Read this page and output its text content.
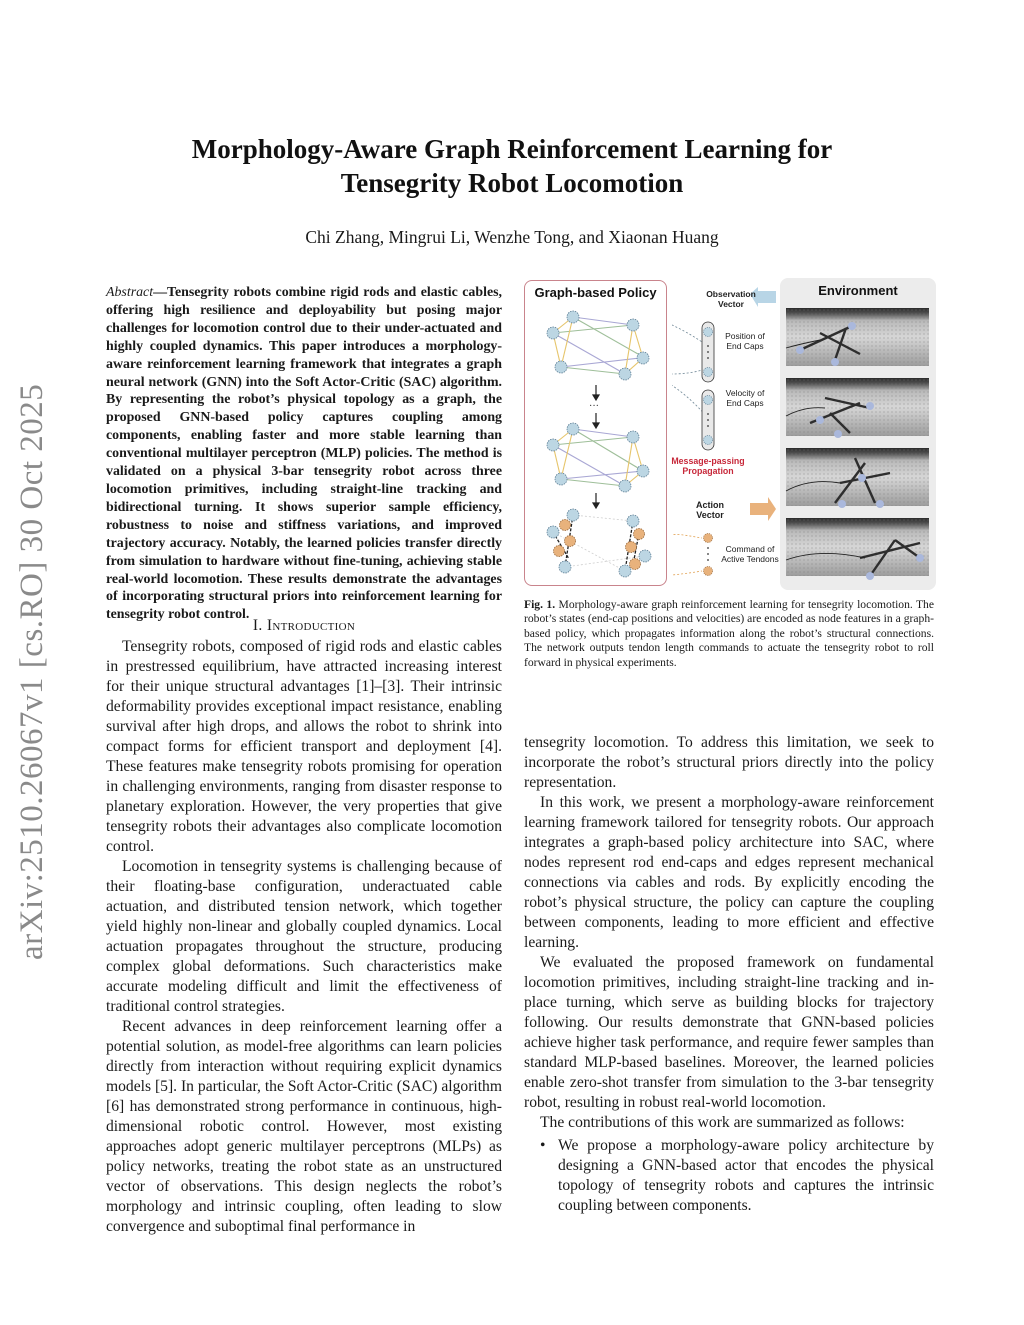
arXiv:2510.26067v1 [cs.RO] 30 Oct 2025
Morphology-Aware Graph Reinforcement Learning for
Tensegrity Robot Locomotion
Chi Zhang, Mingrui Li, Wenzhe Tong, and Xiaonan Huang
Abstract—Tensegrity robots combine rigid rods and elastic cables, offering high resilience and deployability but posing major challenges for locomotion control due to their under-actuated and highly coupled dynamics. This paper introduces a morphology-aware reinforcement learning framework that integrates a graph neural network (GNN) into the Soft Actor-Critic (SAC) algorithm. By representing the robot’s physical topology as a graph, the proposed GNN-based policy captures coupling among components, enabling faster and more stable learning than conventional multilayer perceptron (MLP) policies. The method is validated on a physical 3-bar tensegrity robot across three locomotion primitives, including straight-line tracking and bidirectional turning. It shows superior sample efficiency, robustness to noise and stiffness variations, and improved trajectory accuracy. Notably, the learned policies transfer directly from simulation to hardware without fine-tuning, achieving stable real-world locomotion. These results demonstrate the advantages of incorporating structural priors into reinforcement learning for tensegrity robot control.
I. Introduction

Tensegrity robots, composed of rigid rods and elastic cables in prestressed equilibrium, have attracted increasing interest for their unique structural advantages [1]–[3]. Their intrinsic deformability provides exceptional impact resistance, enabling survival after high drops, and allows the robot to shrink into compact forms for efficient transport and deployment [4]. These features make tensegrity robots promising for operation in challenging environments, ranging from disaster response to planetary exploration. However, the very properties that give tensegrity robots their advantages also complicate locomotion control.

Locomotion in tensegrity systems is challenging because of their floating-base configuration, underactuated cable actuation, and distributed tension network, which together yield highly non-linear and globally coupled dynamics. Local actuation propagates throughout the structure, producing complex global deformations. Such characteristics make accurate modeling difficult and limit the effectiveness of traditional control strategies.

Recent advances in deep reinforcement learning offer a potential solution, as model-free algorithms can learn policies directly from interaction without requiring explicit dynamics models [5]. In particular, the Soft Actor-Critic (SAC) algorithm [6] has demonstrated strong performance in continuous, high-dimensional robotic control. However, most existing approaches adopt generic multilayer perceptrons (MLPs) as policy networks, treating the robot state as an unstructured vector of observations. This design neglects the robot’s morphology and intrinsic coupling, often leading to slow convergence and suboptimal final performance in

Graph-based Policy
···
Observation Vector
Position of End Caps
Velocity of End Caps
Message-passing Propagation
Action Vector
Command of Active Tendons
Environment
Fig. 1. Morphology-aware graph reinforcement learning for tensegrity locomotion. The robot’s states (end-cap positions and velocities) are encoded as node features in a graph-based policy, which propagates information along the robot’s structural connections. The network outputs tendon length commands to actuate the tensegrity robot to roll forward in physical experiments.

tensegrity locomotion. To address this limitation, we seek to incorporate the robot’s structural priors directly into the policy representation.

In this work, we present a morphology-aware reinforcement learning framework tailored for tensegrity robots. Our approach integrates a graph-based policy architecture into SAC, where nodes represent rod end-caps and edges represent mechanical connections via cables and rods. By explicitly encoding the robot’s physical structure, the policy can capture the coupling between components, leading to more efficient and effective learning.

We evaluated the proposed framework on fundamental locomotion primitives, including straight-line tracking and in-place turning, which serve as building blocks for trajectory following. Our results demonstrate that GNN-based policies achieve higher task performance, and require fewer samples than standard MLP-based baselines. Moreover, the learned policies enable zero-shot transfer from simulation to the 3-bar tensegrity robot, resulting in robust real-world locomotion.

The contributions of this work are summarized as follows:

• We propose a morphology-aware policy architecture by designing a GNN-based actor that encodes the physical topology of tensegrity robots and captures the intrinsic coupling between components.
